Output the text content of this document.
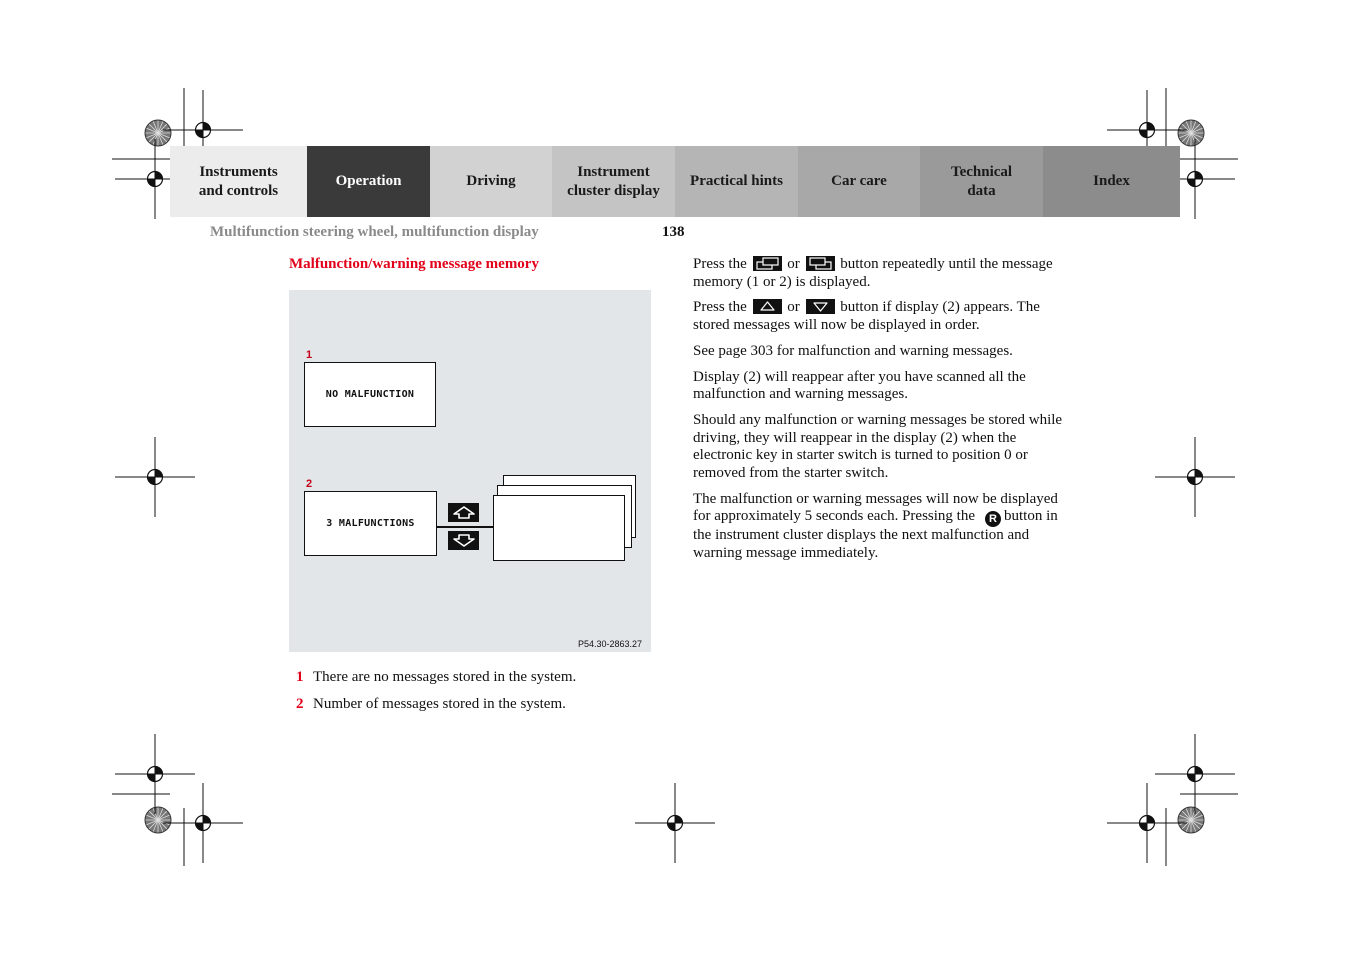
Instruments and controls
Operation	Driving
Instrument cluster display
Practical hints	Car care
Technical data
Index
Multifunction steering wheel, multifunction display	138
Malfunction/warning message memory
1
NO MALFUNCTION
2
3 MALFUNCTIONS
P54.30-2863.27
1 There are no messages stored in the system.
2 Number of messages stored in the system.

Press the	or	button repeatedly until the message memory (1 or 2) is displayed.

Press the	or	button if display (2) appears. The stored messages will now be displayed in order.

See page 303 for malfunction and warning messages.

Display (2) will reappear after you have scanned all the malfunction and warning messages.

Should any malfunction or warning messages be stored while driving, they will reappear in the display (2) when the electronic key in starter switch is turned to position 0 or removed from the starter switch.

The malfunction or warning messages will now be displayed for approximately 5 seconds each. Pressing the R button in the instrument cluster displays the next malfunction and warning message immediately.
